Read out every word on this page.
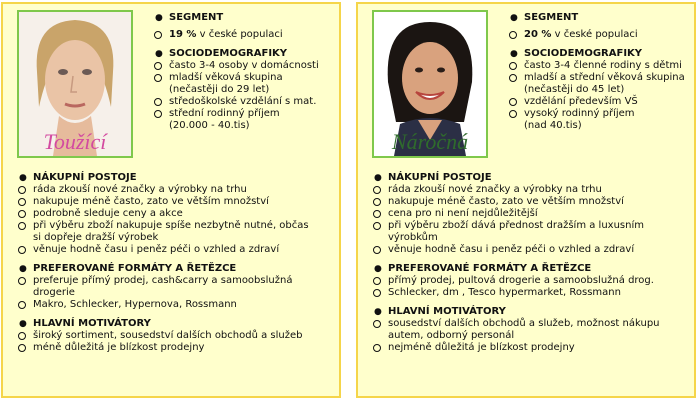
Toužící
● SEGMENT
19 % v české populaci
● SOCIODEMOGRAFIKY
často 3-4 osoby v domácnosti
mladší věková skupina
(nečastěji do 29 let)
středoškolské vzdělání s mat.
střední rodinný příjem
(20.000 - 40.tis)
● NÁKUPNÍ POSTOJE
ráda zkouší nové značky a výrobky na trhu
nakupuje méně často, zato ve větším množství
podrobně sleduje ceny a akce
při výběru zboží nakupuje spíše nezbytně nutné, občas
si dopřeje dražší výrobek
věnuje hodně času i peněz péči o vzhled a zdraví
● PREFEROVANÉ FORMÁTY A ŘETĚZCE
preferuje přímý prodej, cash&carry a samoobslužná drogerie
Makro, Schlecker, Hypernova, Rossmann
● HLAVNÍ MOTIVÁTORY
široký sortiment, sousedství dalších obchodů a služeb
méně důležitá je blízkost prodejny
Náročná
● SEGMENT
20 % v české populaci
● SOCIODEMOGRAFIKY
často 3-4 členné rodiny s dětmi
mladší a střední věková skupina
(nečastěji do 45 let)
vzdělání především VŠ
vysoký rodinný příjem
(nad 40.tis)
● NÁKUPNÍ POSTOJE
ráda zkouší nové značky a výrobky na trhu
nakupuje méně často, zato ve větším množství
cena pro ni není nejdůležitější
při výběru zboží dává přednost dražším a luxusním
výrobkům
věnuje hodně času i peněz péči o vzhled a zdraví
● PREFEROVANÉ FORMÁTY A ŘETĚZCE
přímý prodej, pultová drogerie a samoobslužná drog.
Schlecker, dm , Tesco hypermarket, Rossmann
● HLAVNÍ MOTIVÁTORY
sousedství dalších obchodů a služeb, možnost nákupu
autem, odborný personál
nejméně důležitá je blízkost prodejny
